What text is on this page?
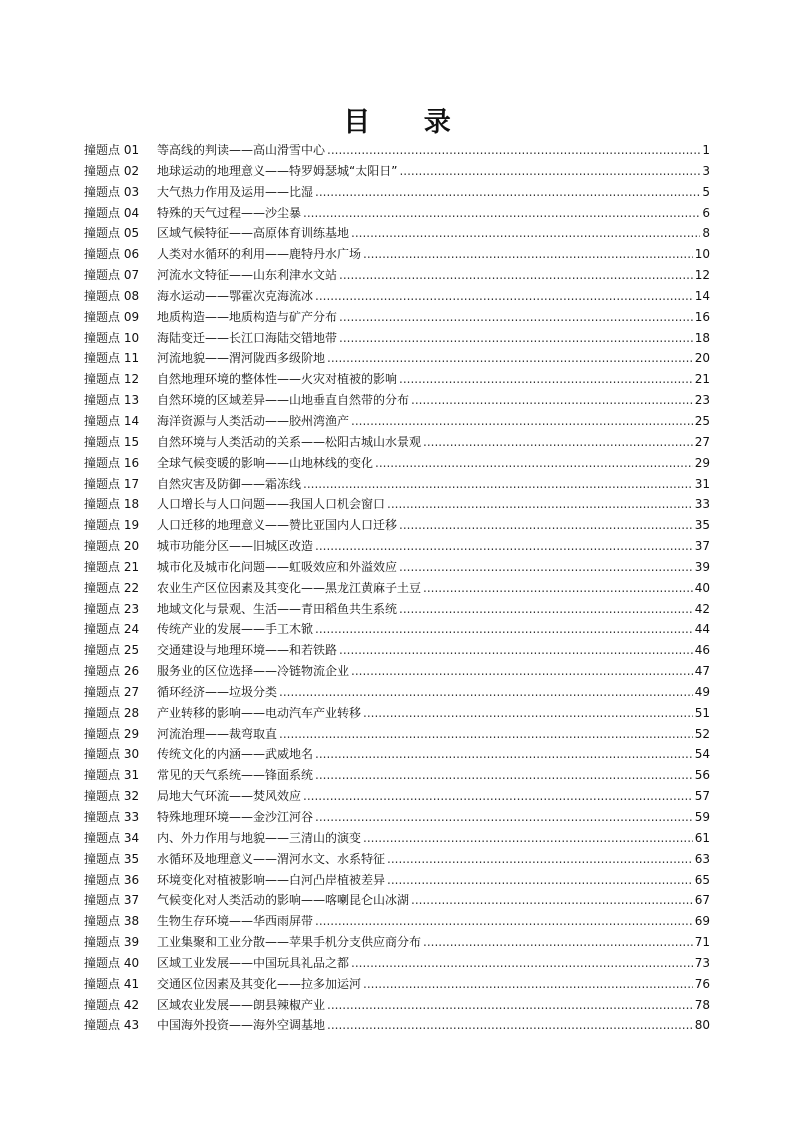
目 录
撞题点 01	等高线的判读——高山滑雪中心 .....	1
撞题点 02	地球运动的地理意义——特罗姆瑟城“太阳日” .....	3
撞题点 03	大气热力作用及运用——比湿 .....	5
撞题点 04	特殊的天气过程——沙尘暴 .....	6
撞题点 05	区域气候特征——高原体育训练基地 .....	8
撞题点 06	人类对水循环的利用——鹿特丹水广场 .....	10
撞题点 07	河流水文特征——山东利津水文站 .....	12
撞题点 08	海水运动——鄂霍次克海流冰 .....	14
撞题点 09	地质构造——地质构造与矿产分布 .....	16
撞题点 10	海陆变迁——长江口海陆交错地带 .....	18
撞题点 11	河流地貌——渭河陇西多级阶地 .....	20
撞题点 12	自然地理环境的整体性——火灾对植被的影响 .....	21
撞题点 13	自然环境的区域差异——山地垂直自然带的分布 .....	23
撞题点 14	海洋资源与人类活动——胶州湾渔产 .....	25
撞题点 15	自然环境与人类活动的关系——松阳古城山水景观 .....	27
撞题点 16	全球气候变暖的影响——山地林线的变化 .....	29
撞题点 17	自然灾害及防御——霜冻线 .....	31
撞题点 18	人口增长与人口问题——我国人口机会窗口 .....	33
撞题点 19	人口迁移的地理意义——赞比亚国内人口迁移 .....	35
撞题点 20	城市功能分区——旧城区改造 .....	37
撞题点 21	城市化及城市化问题——虹吸效应和外溢效应 .....	39
撞题点 22	农业生产区位因素及其变化——黑龙江黄麻子土豆 .....	40
撞题点 23	地域文化与景观、生活——青田稻鱼共生系统 .....	42
撞题点 24	传统产业的发展——手工木锨 .....	44
撞题点 25	交通建设与地理环境——和若铁路 .....	46
撞题点 26	服务业的区位选择——冷链物流企业 .....	47
撞题点 27	循环经济——垃圾分类 .....	49
撞题点 28	产业转移的影响——电动汽车产业转移 .....	51
撞题点 29	河流治理——裁弯取直 .....	52
撞题点 30	传统文化的内涵——武威地名 .....	54
撞题点 31	常见的天气系统——锋面系统 .....	56
撞题点 32	局地大气环流——焚风效应 .....	57
撞题点 33	特殊地理环境——金沙江河谷 .....	59
撞题点 34	内、外力作用与地貌——三清山的演变 .....	61
撞题点 35	水循环及地理意义——渭河水文、水系特征 .....	63
撞题点 36	环境变化对植被影响——白河凸岸植被差异 .....	65
撞题点 37	气候变化对人类活动的影响——喀喇昆仑山冰湖 .....	67
撞题点 38	生物生存环境——华西雨屏带 .....	69
撞题点 39	工业集聚和工业分散——苹果手机分支供应商分布 .....	71
撞题点 40	区域工业发展——中国玩具礼品之都 .....	73
撞题点 41	交通区位因素及其变化——拉多加运河 .....	76
撞题点 42	区域农业发展——朗县辣椒产业 .....	78
撞题点 43	中国海外投资——海外空调基地 .....	80
